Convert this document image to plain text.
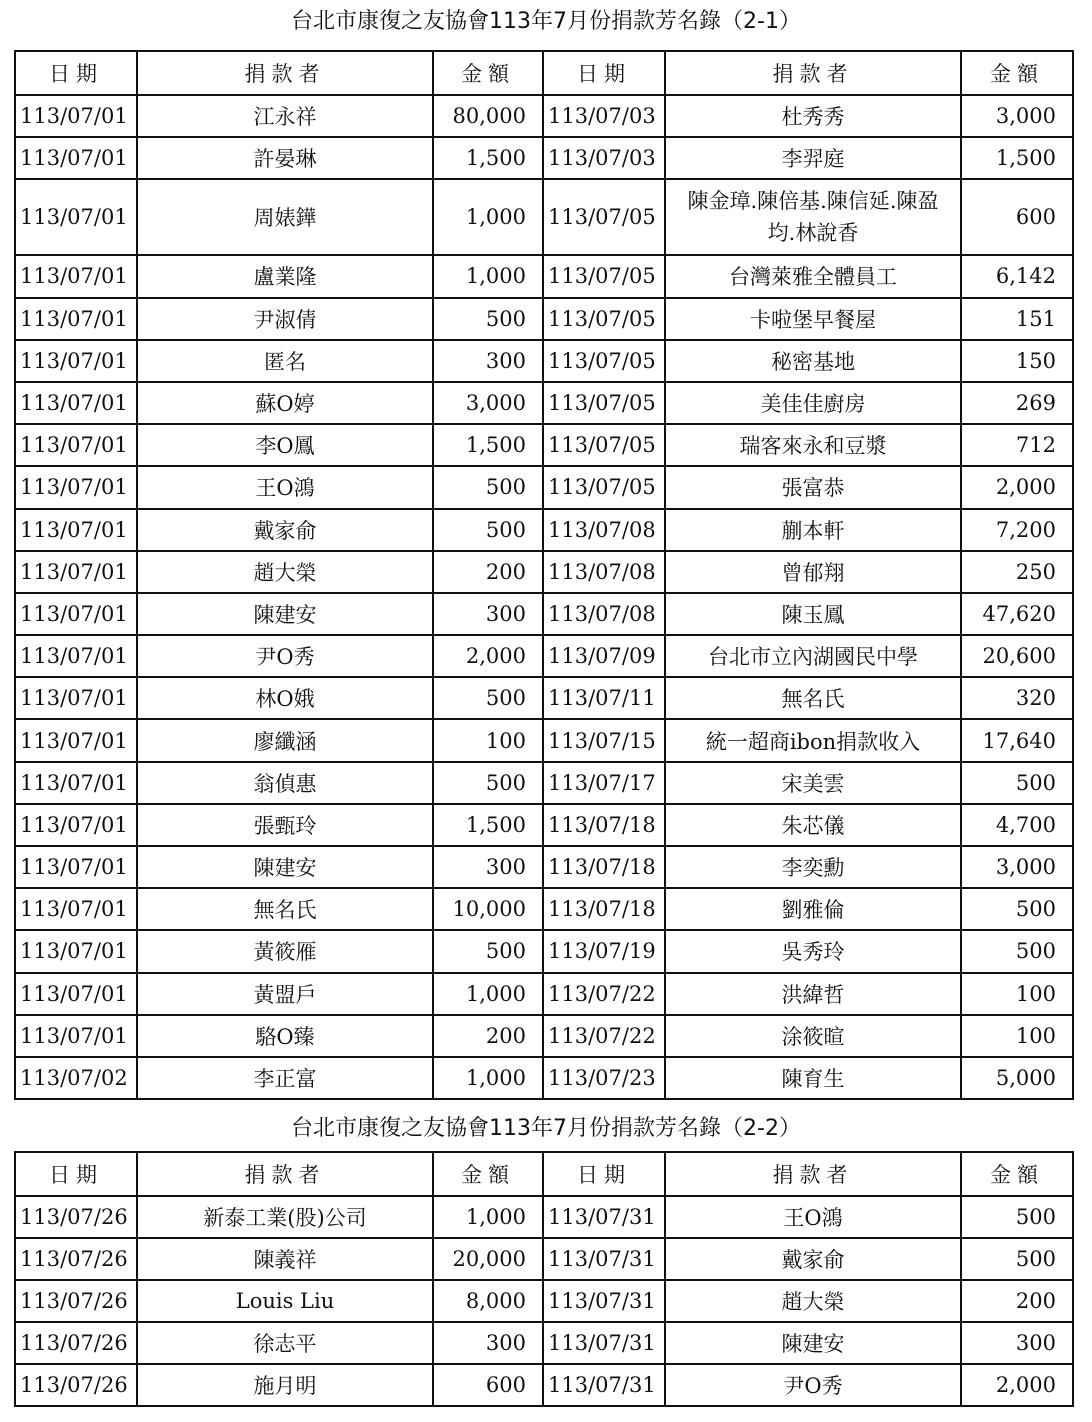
台北市康復之友協會113年7月份捐款芳名錄（2-1）
日期	捐款者	金額	日期	捐款者	金額
113/07/01	江永祥	80,000	113/07/03	杜秀秀	3,000
113/07/01	許晏琳	1,500	113/07/03	李羿庭	1,500
113/07/01	周婊鏵	1,000	113/07/05	陳金璋.陳倍基.陳信延.陳盈均.林說香	600
113/07/01	盧業隆	1,000	113/07/05	台灣萊雅全體員工	6,142
113/07/01	尹淑倩	500	113/07/05	卡啦堡早餐屋	151
113/07/01	匿名	300	113/07/05	秘密基地	150
113/07/01	蘇O婷	3,000	113/07/05	美佳佳廚房	269
113/07/01	李O鳳	1,500	113/07/05	瑞客來永和豆漿	712
113/07/01	王O鴻	500	113/07/05	張富恭	2,000
113/07/01	戴家俞	500	113/07/08	蒯本軒	7,200
113/07/01	趙大榮	200	113/07/08	曾郁翔	250
113/07/01	陳建安	300	113/07/08	陳玉鳳	47,620
113/07/01	尹O秀	2,000	113/07/09	台北市立內湖國民中學	20,600
113/07/01	林O娥	500	113/07/11	無名氏	320
113/07/01	廖纖涵	100	113/07/15	統一超商ibon捐款收入	17,640
113/07/01	翁偵惠	500	113/07/17	宋美雲	500
113/07/01	張甄玲	1,500	113/07/18	朱芯儀	4,700
113/07/01	陳建安	300	113/07/18	李奕勳	3,000
113/07/01	無名氏	10,000	113/07/18	劉雅倫	500
113/07/01	黃筱雁	500	113/07/19	吳秀玲	500
113/07/01	黃盟戶	1,000	113/07/22	洪緯哲	100
113/07/01	駱O臻	200	113/07/22	涂筱暄	100
113/07/02	李正富	1,000	113/07/23	陳育生	5,000
台北市康復之友協會113年7月份捐款芳名錄（2-2）
日期	捐款者	金額	日期	捐款者	金額
113/07/26	新泰工業(股)公司	1,000	113/07/31	王O鴻	500
113/07/26	陳義祥	20,000	113/07/31	戴家俞	500
113/07/26	Louis Liu	8,000	113/07/31	趙大榮	200
113/07/26	徐志平	300	113/07/31	陳建安	300
113/07/26	施月明	600	113/07/31	尹O秀	2,000
